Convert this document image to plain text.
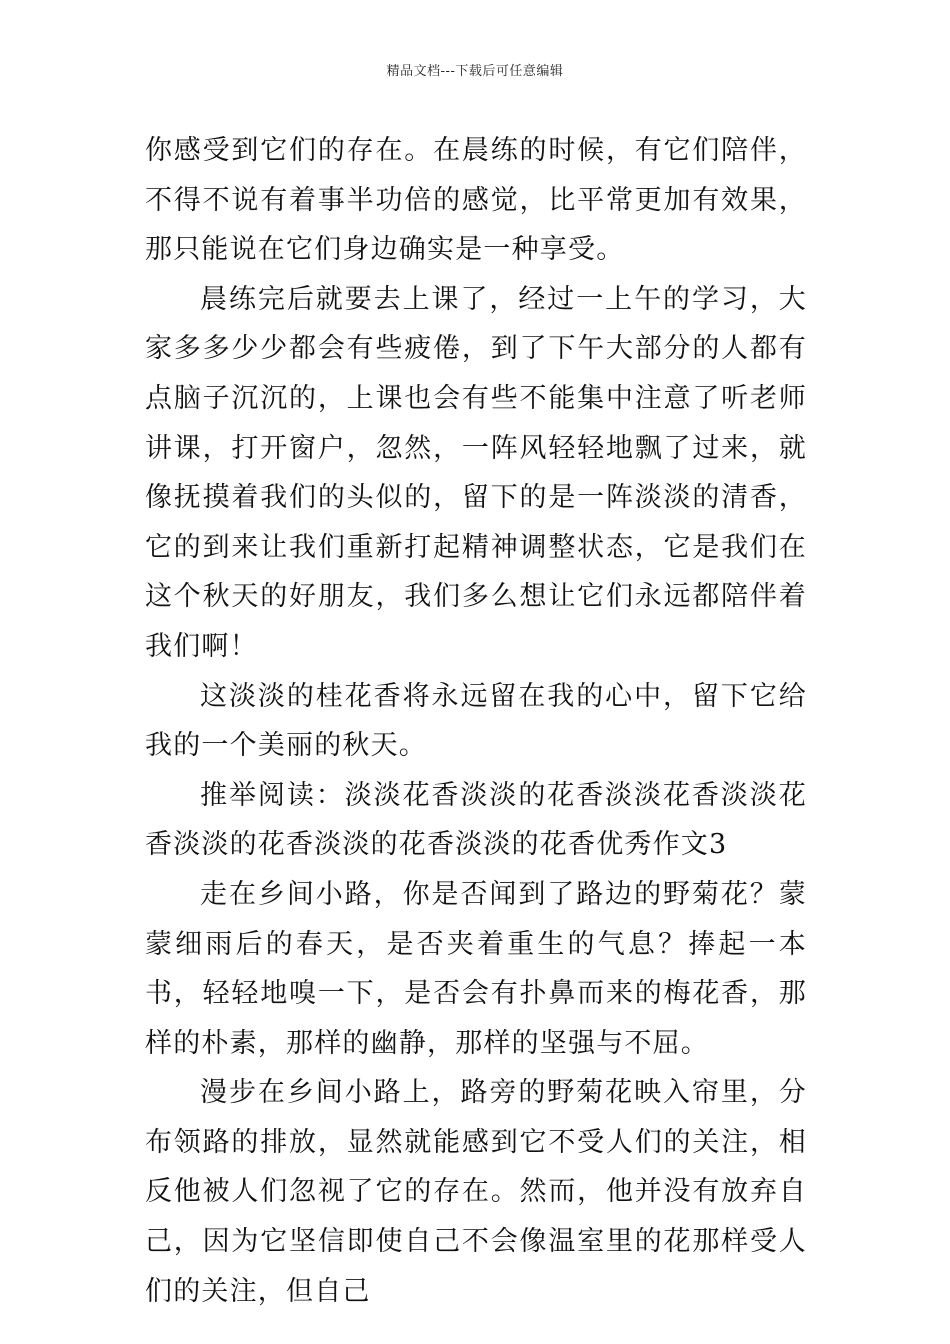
精品文档---下载后可任意编辑

你感受到它们的存在。在晨练的时候，有它们陪伴，不得不说有着事半功倍的感觉，比平常更加有效果，那只能说在它们身边确实是一种享受。

晨练完后就要去上课了，经过一上午的学习，大家多多少少都会有些疲倦，到了下午大部分的人都有点脑子沉沉的，上课也会有些不能集中注意了听老师讲课，打开窗户，忽然，一阵风轻轻地飘了过来，就像抚摸着我们的头似的，留下的是一阵淡淡的清香，它的到来让我们重新打起精神调整状态，它是我们在这个秋天的好朋友，我们多么想让它们永远都陪伴着我们啊！

这淡淡的桂花香将永远留在我的心中，留下它给我的一个美丽的秋天。

推举阅读：淡淡花香淡淡的花香淡淡花香淡淡花香淡淡的花香淡淡的花香淡淡的花香优秀作文3

走在乡间小路，你是否闻到了路边的野菊花？蒙蒙细雨后的春天，是否夹着重生的气息？捧起一本书，轻轻地嗅一下，是否会有扑鼻而来的梅花香，那样的朴素，那样的幽静，那样的坚强与不屈。

漫步在乡间小路上，路旁的野菊花映入帘里，分布领路的排放，显然就能感到它不受人们的关注，相反他被人们忽视了它的存在。然而，他并没有放弃自己，因为它坚信即使自己不会像温室里的花那样受人们的关注，但自己
